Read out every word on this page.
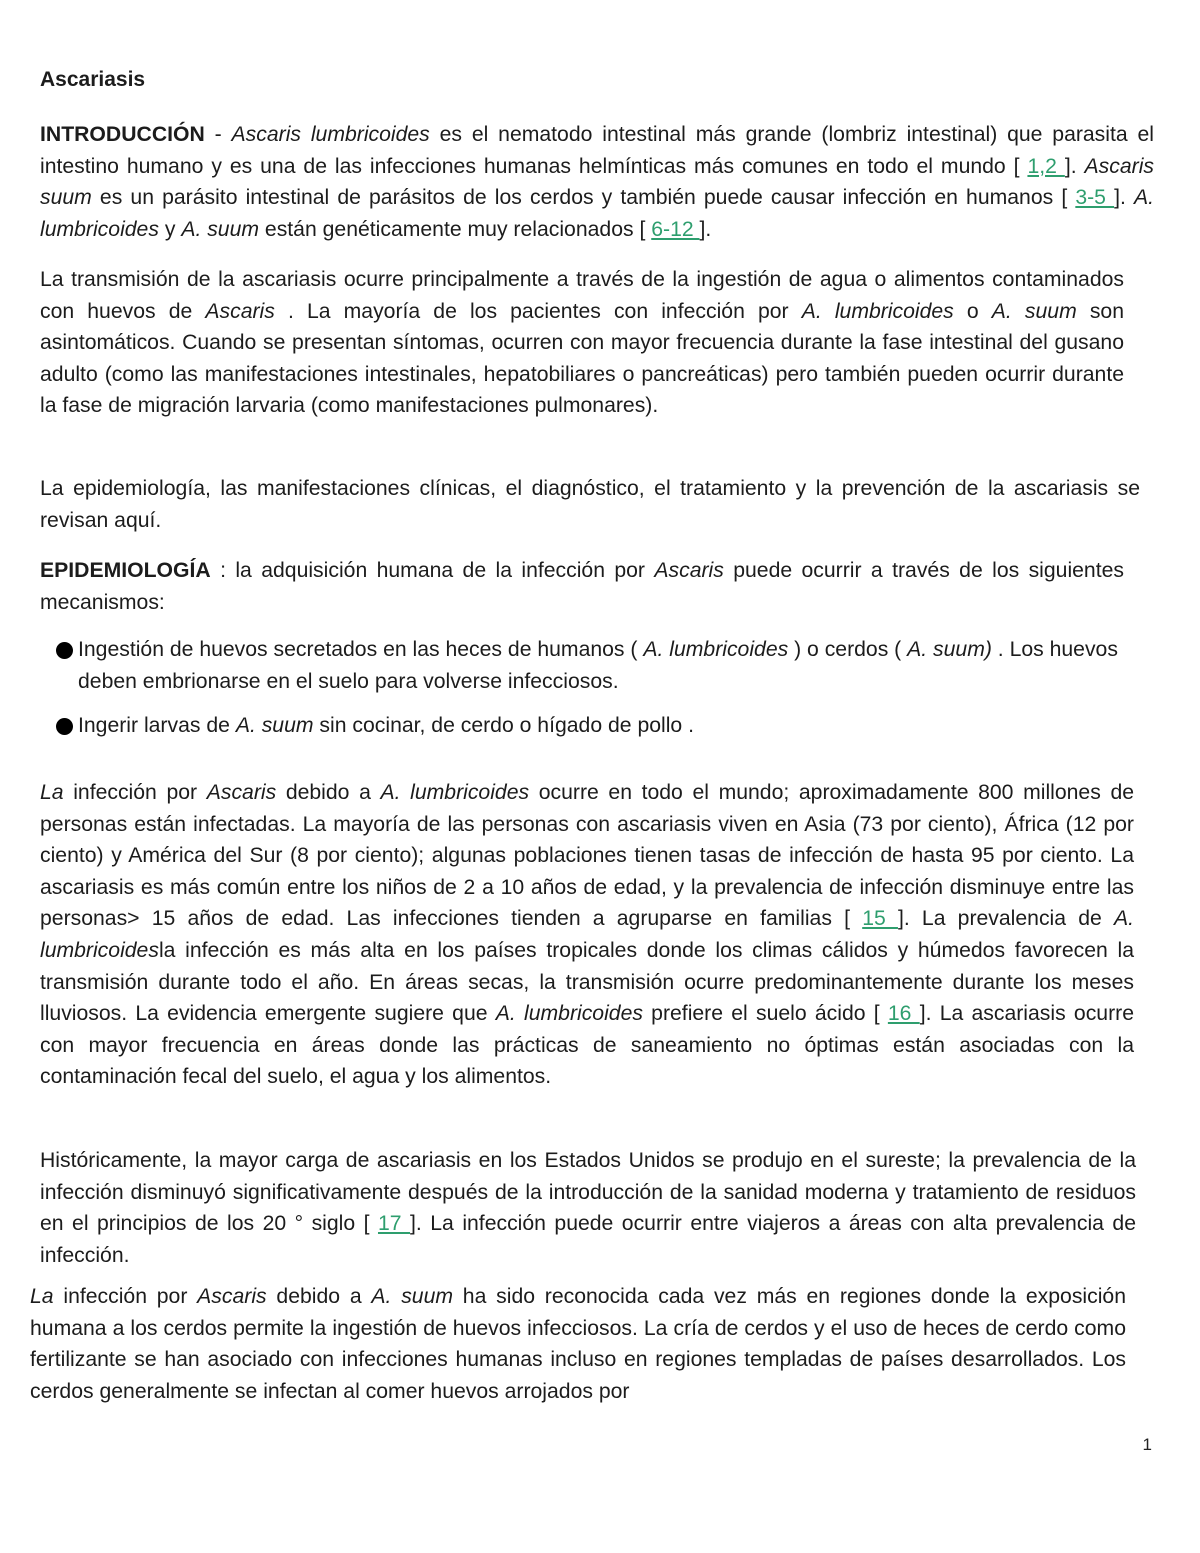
Ascariasis

INTRODUCCIÓN - Ascaris lumbricoides es el nematodo intestinal más grande (lombriz intestinal) que parasita el intestino humano y es una de las infecciones humanas helmínticas más comunes en todo el mundo [ 1,2 ]. Ascaris suum es un parásito intestinal de parásitos de los cerdos y también puede causar infección en humanos [ 3-5 ]. A. lumbricoides y A. suum están genéticamente muy relacionados [ 6-12 ].

La transmisión de la ascariasis ocurre principalmente a través de la ingestión de agua o alimentos contaminados con huevos de Ascaris . La mayoría de los pacientes con infección por A. lumbricoides o A. suum son asintomáticos. Cuando se presentan síntomas, ocurren con mayor frecuencia durante la fase intestinal del gusano adulto (como las manifestaciones intestinales, hepatobiliares o pancreáticas) pero también pueden ocurrir durante la fase de migración larvaria (como manifestaciones pulmonares).

La epidemiología, las manifestaciones clínicas, el diagnóstico, el tratamiento y la prevención de la ascariasis se revisan aquí.

EPIDEMIOLOGÍA : la adquisición humana de la infección por Ascaris puede ocurrir a través de los siguientes mecanismos:

Ingestión de huevos secretados en las heces de humanos ( A. lumbricoides ) o cerdos ( A. suum) . Los huevos deben embrionarse en el suelo para volverse infecciosos.
Ingerir larvas de A. suum sin cocinar, de cerdo o hígado de pollo .

La infección por Ascaris debido a A. lumbricoides ocurre en todo el mundo; aproximadamente 800 millones de personas están infectadas. La mayoría de las personas con ascariasis viven en Asia (73 por ciento), África (12 por ciento) y América del Sur (8 por ciento); algunas poblaciones tienen tasas de infección de hasta 95 por ciento. La ascariasis es más común entre los niños de 2 a 10 años de edad, y la prevalencia de infección disminuye entre las personas> 15 años de edad. Las infecciones tienden a agruparse en familias [ 15 ]. La prevalencia de A. lumbricoidesla infección es más alta en los países tropicales donde los climas cálidos y húmedos favorecen la transmisión durante todo el año. En áreas secas, la transmisión ocurre predominantemente durante los meses lluviosos. La evidencia emergente sugiere que A. lumbricoides prefiere el suelo ácido [ 16 ]. La ascariasis ocurre con mayor frecuencia en áreas donde las prácticas de saneamiento no óptimas están asociadas con la contaminación fecal del suelo, el agua y los alimentos.

Históricamente, la mayor carga de ascariasis en los Estados Unidos se produjo en el sureste; la prevalencia de la infección disminuyó significativamente después de la introducción de la sanidad moderna y tratamiento de residuos en el principios de los 20 ° siglo [ 17 ]. La infección puede ocurrir entre viajeros a áreas con alta prevalencia de infección.

La infección por Ascaris debido a A. suum ha sido reconocida cada vez más en regiones donde la exposición humana a los cerdos permite la ingestión de huevos infecciosos. La cría de cerdos y el uso de heces de cerdo como fertilizante se han asociado con infecciones humanas incluso en regiones templadas de países desarrollados. Los cerdos generalmente se infectan al comer huevos arrojados por

1
